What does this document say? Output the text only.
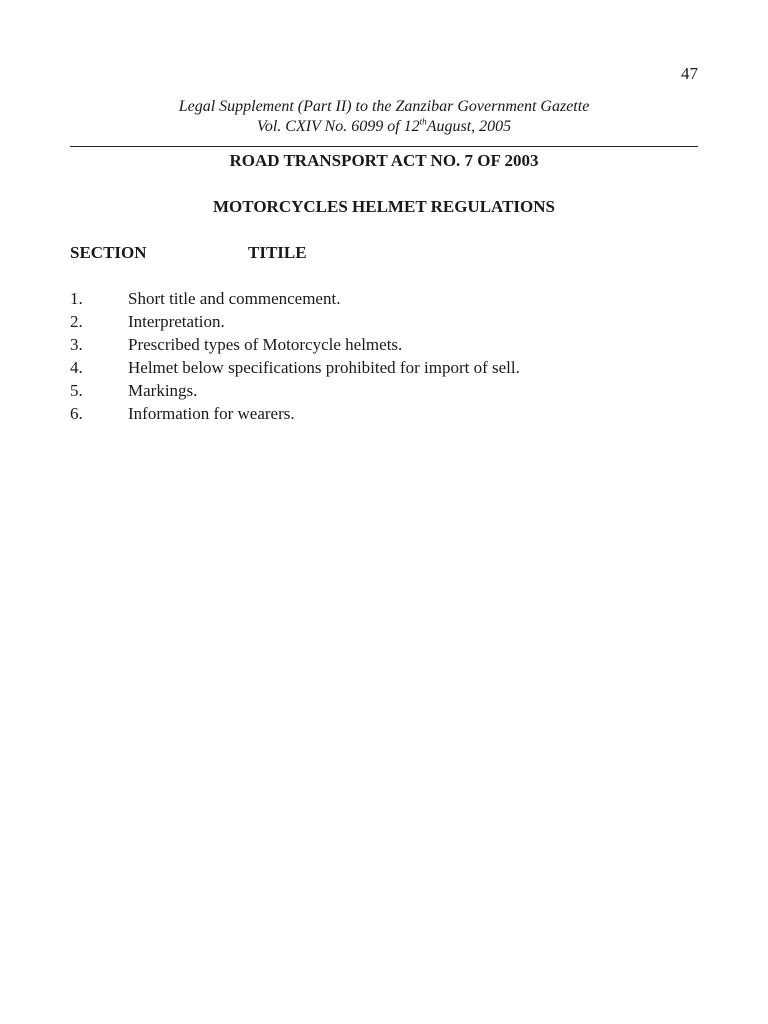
47
Legal Supplement (Part II) to the Zanzibar Government Gazette
Vol. CXIV No. 6099 of 12thAugust, 2005
ROAD TRANSPORT ACT NO. 7 OF 2003
MOTORCYCLES HELMET REGULATIONS
SECTION	TITILE
1.	Short title and commencement.
2.	Interpretation.
3.	Prescribed types of Motorcycle helmets.
4.	Helmet below specifications prohibited for import of sell.
5.	Markings.
6.	Information for wearers.
